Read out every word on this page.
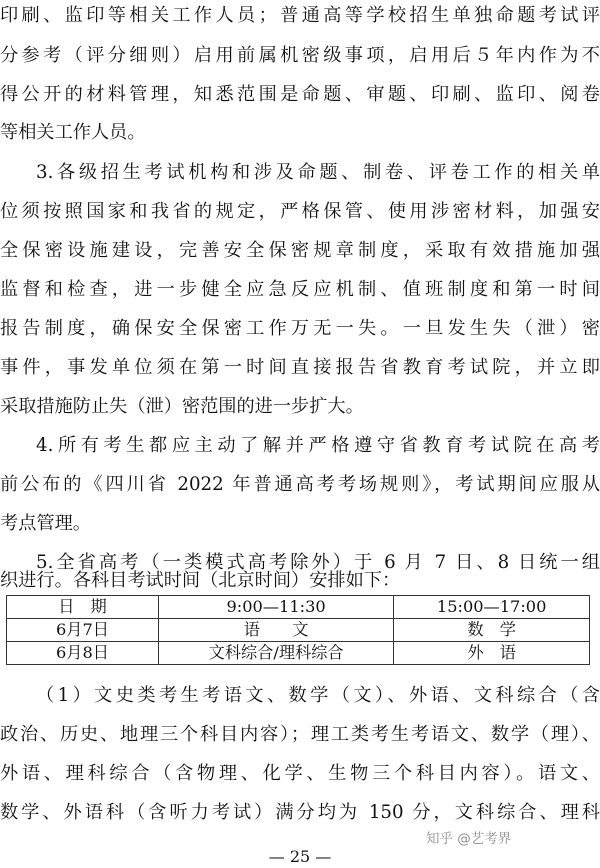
印刷、监印等相关工作人员；普通高等学校招生单独命题考试评
分参考（评分细则）启用前属机密级事项，启用后５年内作为不
得公开的材料管理，知悉范围是命题、审题、印刷、监印、阅卷
等相关工作人员。
3.各级招生考试机构和涉及命题、制卷、评卷工作的相关单
位须按照国家和我省的规定，严格保管、使用涉密材料，加强安
全保密设施建设，完善安全保密规章制度，采取有效措施加强
监督和检查，进一步健全应急反应机制、值班制度和第一时间
报告制度，确保安全保密工作万无一失。一旦发生失（泄）密
事件，事发单位须在第一时间直接报告省教育考试院，并立即
采取措施防止失（泄）密范围的进一步扩大。
4.所有考生都应主动了解并严格遵守省教育考试院在高考
前公布的《四川省 2022 年普通高考考场规则》，考试期间应服从
考点管理。
5.全省高考（一类模式高考除外）于 6 月 7 日、8 日统一组
织进行。各科目考试时间（北京时间）安排如下：
日　期	9:00—11:30	15:00—17:00
6月7日	语　　文	数　学
6月8日	文科综合/理科综合	外　语
（1）文史类考生考语文、数学（文）、外语、文科综合（含
政治、历史、地理三个科目内容）；理工类考生考语文、数学（理）、
外语、理科综合（含物理、化学、生物三个科目内容）。语文、
数学、外语科（含听力考试）满分均为 150 分，文科综合、理科
知乎 @艺考界
— 25 —
